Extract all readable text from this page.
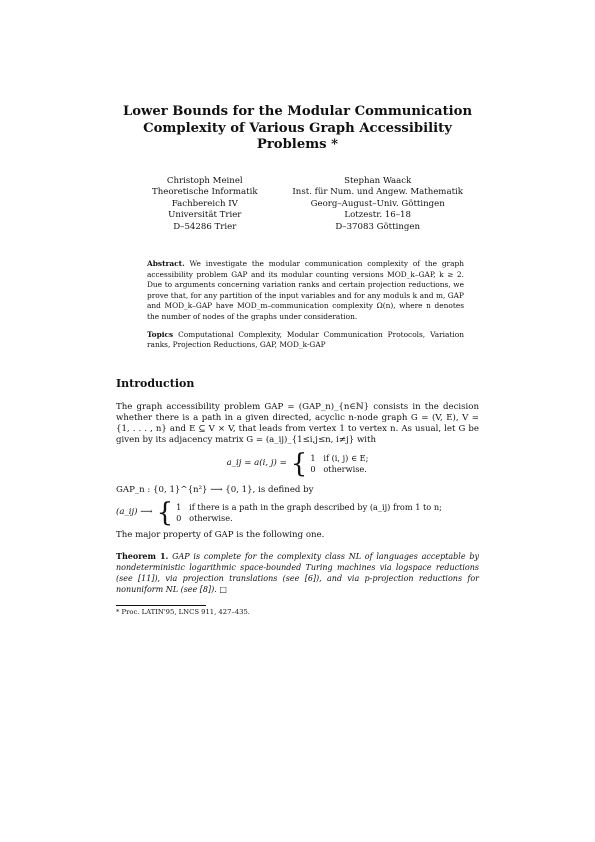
Lower Bounds for the Modular Communication

Complexity of Various Graph Accessibility

Problems *

Christoph Meinel
Theoretische Informatik
Fachbereich IV
Universität Trier
D–54286 Trier
Stephan Waack
Inst. für Num. und Angew. Mathematik
Georg–August–Univ. Göttingen
Lotzestr. 16–18
D–37083 Göttingen

Abstract. We investigate the modular communication complexity of the graph accessibility problem GAP and its modular counting versions MOD_k–GAP, k ≥ 2. Due to arguments concerning variation ranks and certain projection reductions, we prove that, for any partition of the input variables and for any moduls k and m, GAP and MOD_k–GAP have MOD_m–communication complexity Ω(n), where n denotes the number of nodes of the graphs under consideration.

Topics Computational Complexity, Modular Communication Protocols, Variation ranks, Projection Reductions, GAP, MOD_k-GAP

Introduction

The graph accessibility problem GAP = (GAP_n)_{n∈ℕ} consists in the decision whether there is a path in a given directed, acyclic n-node graph G = (V, E), V = {1, . . . , n} and E ⊆ V × V, that leads from vertex 1 to vertex n. As usual, let G be given by its adjacency matrix G = (a_ij)_{1≤i,j≤n, i≠j} with

a_ij = a(i, j) = { 1   if (i, j) ∈ E;
0   otherwise.

GAP_n : {0, 1}^{n²} ⟶ {0, 1}, is defined by

(a_ij) ⟶ { 1   if there is a path in the graph described by (a_ij) from 1 to n;
0   otherwise.

The major property of GAP is the following one.

Theorem 1. GAP is complete for the complexity class NL of languages acceptable by nondeterministic logarithmic space-bounded Turing machines via logspace reductions (see [11]), via projection translations (see [6]), and via p-projection reductions for nonuniform NL (see [8]). □

* Proc. LATIN'95, LNCS 911, 427–435.
